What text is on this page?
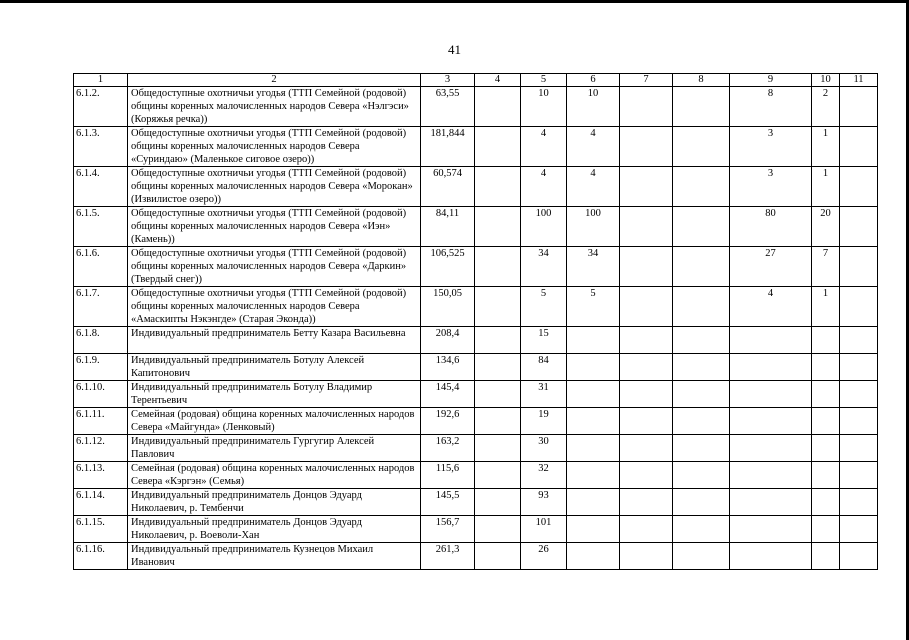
41
1	2	3	4	5	6	7	8	9	10	11
6.1.2.	Общедоступные охотничьи угодья (ТТП Семейной (родовой) общины коренных малочисленных народов Севера «Нэлгэси» (Коряжья речка))	63,55		10	10			8	2	
6.1.3.	Общедоступные охотничьи угодья (ТТП Семейной (родовой) общины коренных малочисленных народов Севера «Суриндаю» (Маленькое сиговое озеро))	181,844		4	4			3	1	
6.1.4.	Общедоступные охотничьи угодья (ТТП Семейной (родовой) общины коренных малочисленных народов Севера «Морокан» (Извилистое озеро))	60,574		4	4			3	1	
6.1.5.	Общедоступные охотничьи угодья (ТТП Семейной (родовой) общины коренных малочисленных народов Севера «Иэн» (Камень))	84,11		100	100			80	20	
6.1.6.	Общедоступные охотничьи угодья (ТТП Семейной (родовой) общины коренных малочисленных народов Севера «Даркин» (Твердый снег))	106,525		34	34			27	7	
6.1.7.	Общедоступные охотничьи угодья (ТТП Семейной (родовой) общины коренных малочисленных народов Севера «Амаскипты Нэкэнгде» (Старая Эконда))	150,05		5	5			4	1	
6.1.8.	Индивидуальный предприниматель Бетту Казара Васильевна	208,4		15						
6.1.9.	Индивидуальный предприниматель Ботулу Алексей Капитонович	134,6		84						
6.1.10.	Индивидуальный предприниматель Ботулу Владимир Терентьевич	145,4		31						
6.1.11.	Семейная (родовая) община коренных малочисленных народов Севера «Майгунда» (Ленковый)	192,6		19						
6.1.12.	Индивидуальный предприниматель Гургугир Алексей Павлович	163,2		30						
6.1.13.	Семейная (родовая) община коренных малочисленных народов Севера «Кэргэн» (Семья)	115,6		32						
6.1.14.	Индивидуальный предприниматель Донцов Эдуард Николаевич, р. Тембенчи	145,5		93						
6.1.15.	Индивидуальный предприниматель Донцов Эдуард Николаевич, р. Воеволи-Хан	156,7		101						
6.1.16.	Индивидуальный предприниматель Кузнецов Михаил Иванович	261,3		26						
